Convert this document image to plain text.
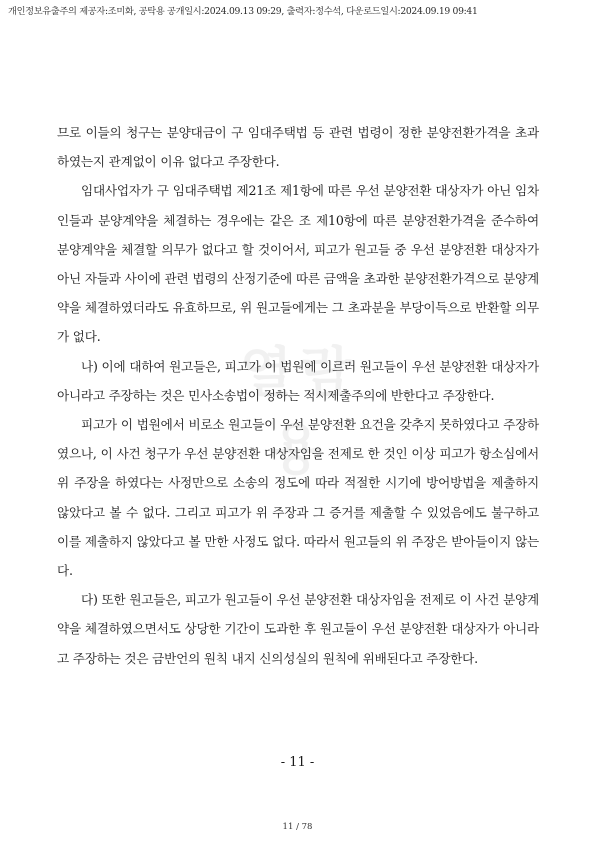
개인정보유출주의 제공자:조미화, 공탁용 공개일시:2024.09.13 09:29, 출력자:정수석, 다운로드일시:2024.09.19 09:41
열람용

므로 이들의 청구는 분양대금이 구 임대주택법 등 관련 법령이 정한 분양전환가격을 초과하였는지 관계없이 이유 없다고 주장한다.

임대사업자가 구 임대주택법 제21조 제1항에 따른 우선 분양전환 대상자가 아닌 임차인들과 분양계약을 체결하는 경우에는 같은 조 제10항에 따른 분양전환가격을 준수하여 분양계약을 체결할 의무가 없다고 할 것이어서, 피고가 원고들 중 우선 분양전환 대상자가 아닌 자들과 사이에 관련 법령의 산정기준에 따른 금액을 초과한 분양전환가격으로 분양계약을 체결하였더라도 유효하므로, 위 원고들에게는 그 초과분을 부당이득으로 반환할 의무가 없다.

나) 이에 대하여 원고들은, 피고가 이 법원에 이르러 원고들이 우선 분양전환 대상자가 아니라고 주장하는 것은 민사소송법이 정하는 적시제출주의에 반한다고 주장한다.

피고가 이 법원에서 비로소 원고들이 우선 분양전환 요건을 갖추지 못하였다고 주장하였으나, 이 사건 청구가 우선 분양전환 대상자임을 전제로 한 것인 이상 피고가 항소심에서 위 주장을 하였다는 사정만으로 소송의 정도에 따라 적절한 시기에 방어방법을 제출하지 않았다고 볼 수 없다. 그리고 피고가 위 주장과 그 증거를 제출할 수 있었음에도 불구하고 이를 제출하지 않았다고 볼 만한 사정도 없다. 따라서 원고들의 위 주장은 받아들이지 않는다.

다) 또한 원고들은, 피고가 원고들이 우선 분양전환 대상자임을 전제로 이 사건 분양계약을 체결하였으면서도 상당한 기간이 도과한 후 원고들이 우선 분양전환 대상자가 아니라고 주장하는 것은 금반언의 원칙 내지 신의성실의 원칙에 위배된다고 주장한다.

- 11 -
11 / 78
